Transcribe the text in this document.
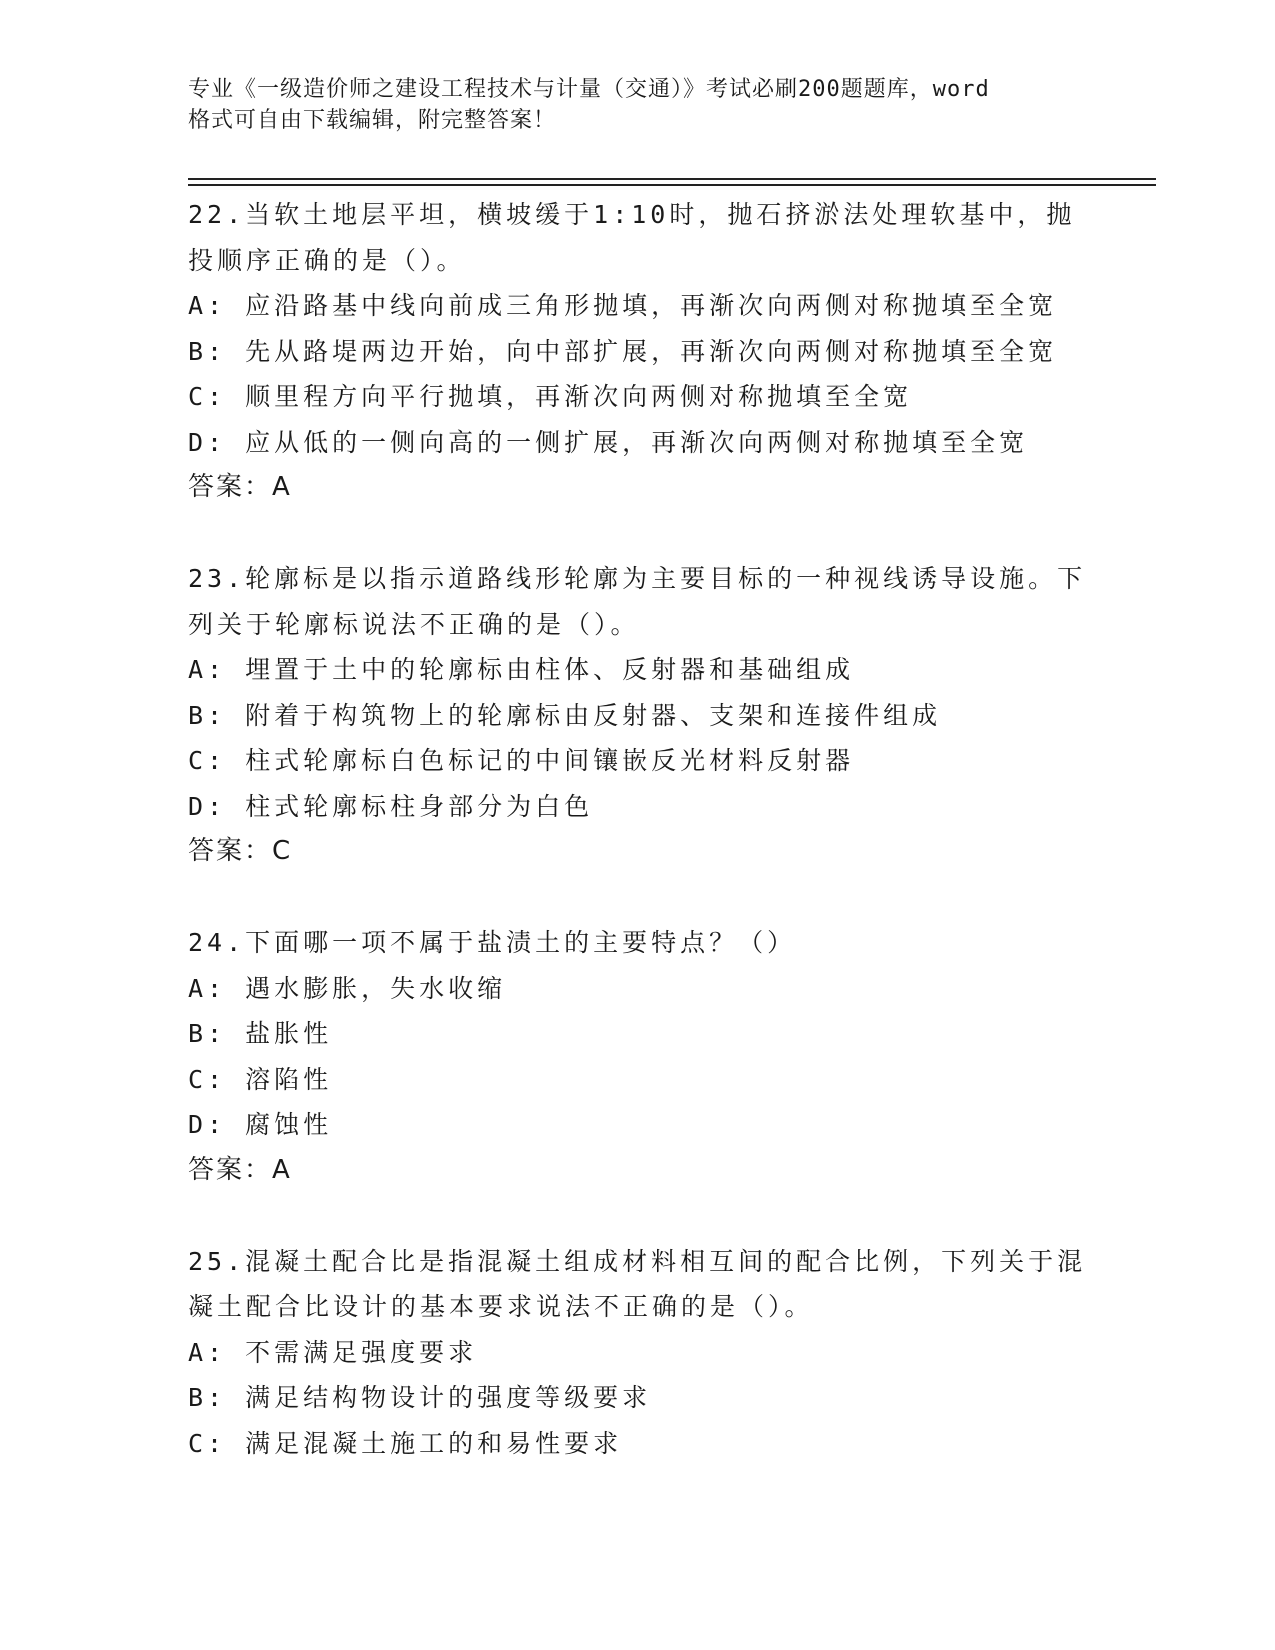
专业《一级造价师之建设工程技术与计量（交通）》考试必刷200题题库，word
格式可自由下载编辑，附完整答案！
22.当软土地层平坦，横坡缓于1:10时，抛石挤淤法处理软基中，抛
投顺序正确的是（）。
A: 应沿路基中线向前成三角形抛填，再渐次向两侧对称抛填至全宽
B: 先从路堤两边开始，向中部扩展，再渐次向两侧对称抛填至全宽
C: 顺里程方向平行抛填，再渐次向两侧对称抛填至全宽
D: 应从低的一侧向高的一侧扩展，再渐次向两侧对称抛填至全宽
答案：A
23.轮廓标是以指示道路线形轮廓为主要目标的一种视线诱导设施。下
列关于轮廓标说法不正确的是（）。
A: 埋置于土中的轮廓标由柱体、反射器和基础组成
B: 附着于构筑物上的轮廓标由反射器、支架和连接件组成
C: 柱式轮廓标白色标记的中间镶嵌反光材料反射器
D: 柱式轮廓标柱身部分为白色
答案：C
24.下面哪一项不属于盐渍土的主要特点？（）
A: 遇水膨胀，失水收缩
B: 盐胀性
C: 溶陷性
D: 腐蚀性
答案：A
25.混凝土配合比是指混凝土组成材料相互间的配合比例，下列关于混
凝土配合比设计的基本要求说法不正确的是（）。
A: 不需满足强度要求
B: 满足结构物设计的强度等级要求
C: 满足混凝土施工的和易性要求
